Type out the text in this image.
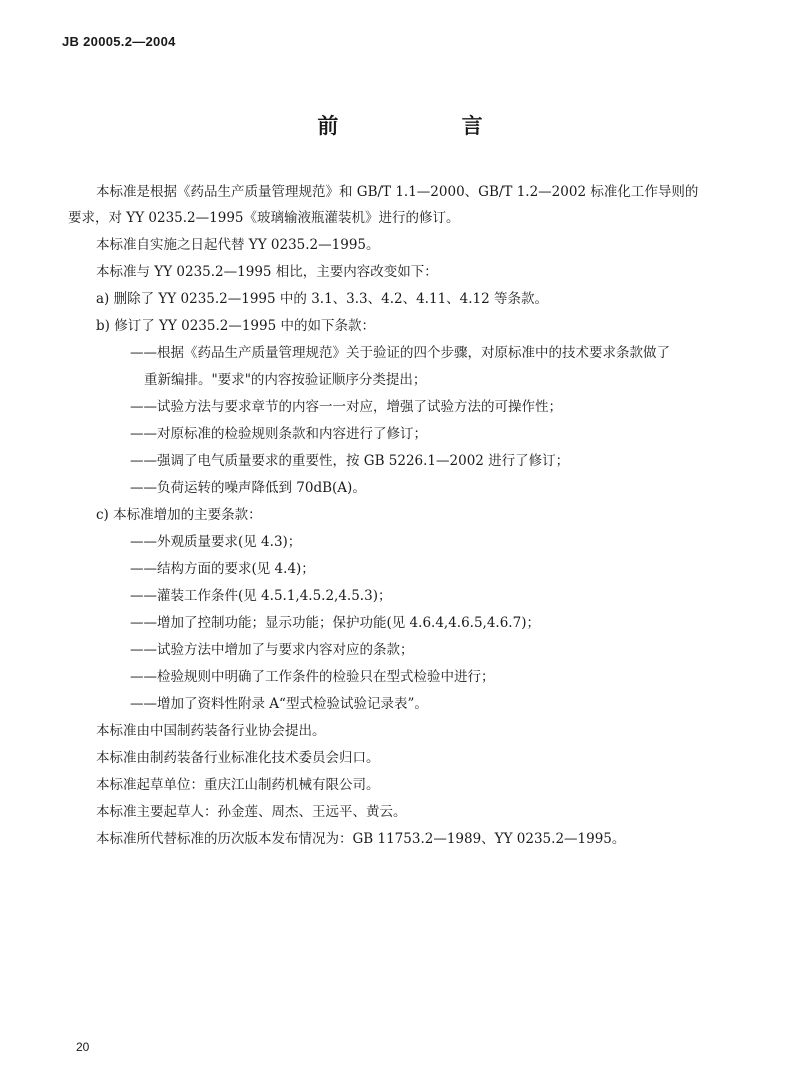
JB 20005.2—2004
前 言
本标准是根据《药品生产质量管理规范》和 GB/T 1.1—2000、GB/T 1.2—2002 标准化工作导则的
要求，对 YY 0235.2—1995《玻璃输液瓶灌装机》进行的修订。
本标准自实施之日起代替 YY 0235.2—1995。
本标准与 YY 0235.2—1995 相比，主要内容改变如下：
a) 删除了 YY 0235.2—1995 中的 3.1、3.3、4.2、4.11、4.12 等条款。
b) 修订了 YY 0235.2—1995 中的如下条款：
——根据《药品生产质量管理规范》关于验证的四个步骤，对原标准中的技术要求条款做了
重新编排。"要求"的内容按验证顺序分类提出；
——试验方法与要求章节的内容一一对应，增强了试验方法的可操作性；
——对原标准的检验规则条款和内容进行了修订；
——强调了电气质量要求的重要性，按 GB 5226.1—2002 进行了修订；
——负荷运转的噪声降低到 70dB(A)。
c) 本标准增加的主要条款：
——外观质量要求(见 4.3)；
——结构方面的要求(见 4.4)；
——灌装工作条件(见 4.5.1,4.5.2,4.5.3)；
——增加了控制功能；显示功能；保护功能(见 4.6.4,4.6.5,4.6.7)；
——试验方法中增加了与要求内容对应的条款；
——检验规则中明确了工作条件的检验只在型式检验中进行；
——增加了资料性附录 A“型式检验试验记录表”。
本标准由中国制药装备行业协会提出。
本标准由制药装备行业标准化技术委员会归口。
本标准起草单位：重庆江山制药机械有限公司。
本标准主要起草人：孙金莲、周杰、王远平、黄云。
本标准所代替标准的历次版本发布情况为：GB 11753.2—1989、YY 0235.2—1995。
20
